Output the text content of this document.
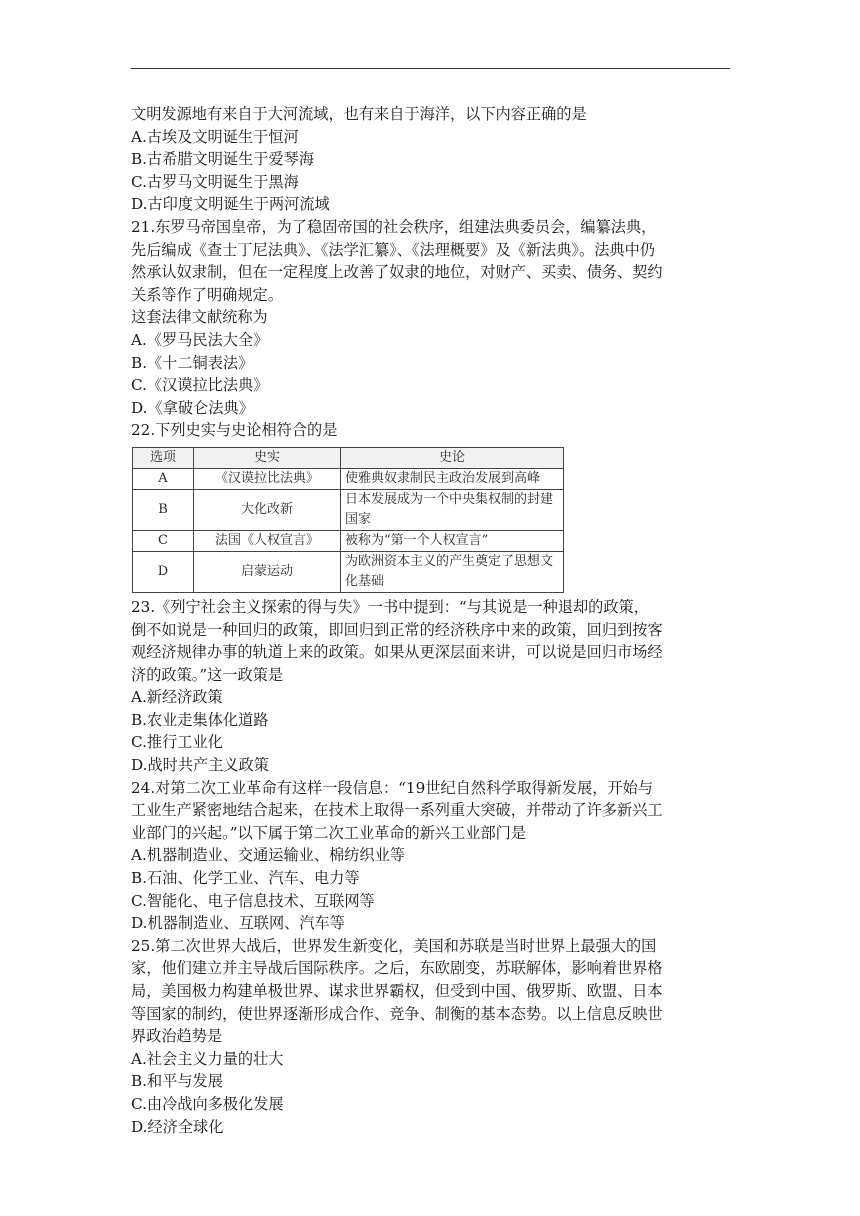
文明发源地有来自于大河流域，也有来自于海洋，以下内容正确的是
A.古埃及文明诞生于恒河
B.古希腊文明诞生于爱琴海
C.古罗马文明诞生于黑海
D.古印度文明诞生于两河流域
21.东罗马帝国皇帝，为了稳固帝国的社会秩序，组建法典委员会，编纂法典，
先后编成《查士丁尼法典》、《法学汇纂》、《法理概要》及《新法典》。法典中仍
然承认奴隶制，但在一定程度上改善了奴隶的地位，对财产、买卖、债务、契约
关系等作了明确规定。
这套法律文献统称为
A.《罗马民法大全》
B.《十二铜表法》
C.《汉谟拉比法典》
D.《拿破仑法典》
22.下列史实与史论相符合的是
选项	史实	史论
A	《汉谟拉比法典》	使雅典奴隶制民主政治发展到高峰
B	大化改新	日本发展成为一个中央集权制的封建国家
C	法国《人权宣言》	被称为“第一个人权宣言”
D	启蒙运动	为欧洲资本主义的产生奠定了思想文化基础
23.《列宁社会主义探索的得与失》一书中提到：“与其说是一种退却的政策，
倒不如说是一种回归的政策，即回归到正常的经济秩序中来的政策，回归到按客
观经济规律办事的轨道上来的政策。如果从更深层面来讲，可以说是回归市场经
济的政策。”这一政策是
A.新经济政策
B.农业走集体化道路
C.推行工业化
D.战时共产主义政策
24.对第二次工业革命有这样一段信息：“19世纪自然科学取得新发展，开始与
工业生产紧密地结合起来，在技术上取得一系列重大突破，并带动了许多新兴工
业部门的兴起。”以下属于第二次工业革命的新兴工业部门是
A.机器制造业、交通运输业、棉纺织业等
B.石油、化学工业、汽车、电力等
C.智能化、电子信息技术、互联网等
D.机器制造业、互联网、汽车等
25.第二次世界大战后，世界发生新变化，美国和苏联是当时世界上最强大的国
家，他们建立并主导战后国际秩序。之后，东欧剧变，苏联解体，影响着世界格
局，美国极力构建单极世界、谋求世界霸权，但受到中国、俄罗斯、欧盟、日本
等国家的制约，使世界逐渐形成合作、竞争、制衡的基本态势。以上信息反映世
界政治趋势是
A.社会主义力量的壮大
B.和平与发展
C.由冷战向多极化发展
D.经济全球化
